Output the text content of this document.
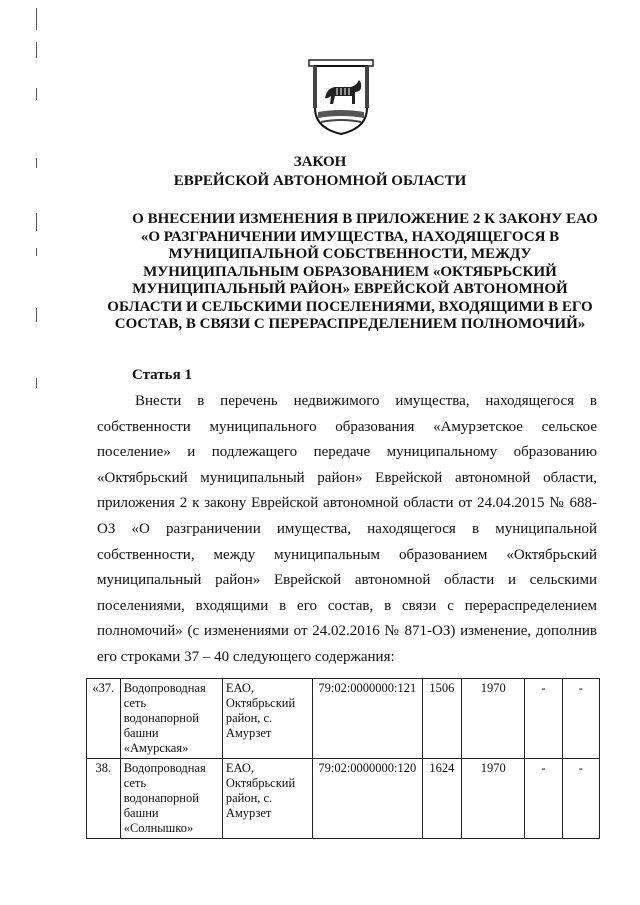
ЗАКОН
ЕВРЕЙСКОЙ АВТОНОМНОЙ ОБЛАСТИ
О ВНЕСЕНИИ ИЗМЕНЕНИЯ В ПРИЛОЖЕНИЕ 2 К ЗАКОНУ ЕАО «О РАЗГРАНИЧЕНИИ ИМУЩЕСТВА, НАХОДЯЩЕГОСЯ В МУНИЦИПАЛЬНОЙ СОБСТВЕННОСТИ, МЕЖДУ МУНИЦИПАЛЬНЫМ ОБРАЗОВАНИЕМ «ОКТЯБРЬСКИЙ МУНИЦИПАЛЬНЫЙ РАЙОН» ЕВРЕЙСКОЙ АВТОНОМНОЙ ОБЛАСТИ И СЕЛЬСКИМИ ПОСЕЛЕНИЯМИ, ВХОДЯЩИМИ В ЕГО СОСТАВ, В СВЯЗИ С ПЕРЕРАСПРЕДЕЛЕНИЕМ ПОЛНОМОЧИЙ»
Статья 1
Внести в перечень недвижимого имущества, находящегося в собственности муниципального образования «Амурзетское сельское поселение» и подлежащего передаче муниципальному образованию «Октябрьский муниципальный район» Еврейской автономной области, приложения 2 к закону Еврейской автономной области от 24.04.2015 № 688-ОЗ «О разграничении имущества, находящегося в муниципальной собственности, между муниципальным образованием «Октябрьский муниципальный район» Еврейской автономной области и сельскими поселениями, входящими в его состав, в связи с перераспределением полномочий» (с изменениями от 24.02.2016 № 871-ОЗ) изменение, дополнив его строками 37 – 40 следующего содержания:
«37.	Водопроводная сеть водонапорной башни «Амурская»	ЕАО, Октябрьский район, с. Амурзет	79:02:0000000:121	1506	1970	-	-
38.	Водопроводная сеть водонапорной башни «Солнышко»	ЕАО, Октябрьский район, с. Амурзет	79:02:0000000:120	1624	1970	-	-
